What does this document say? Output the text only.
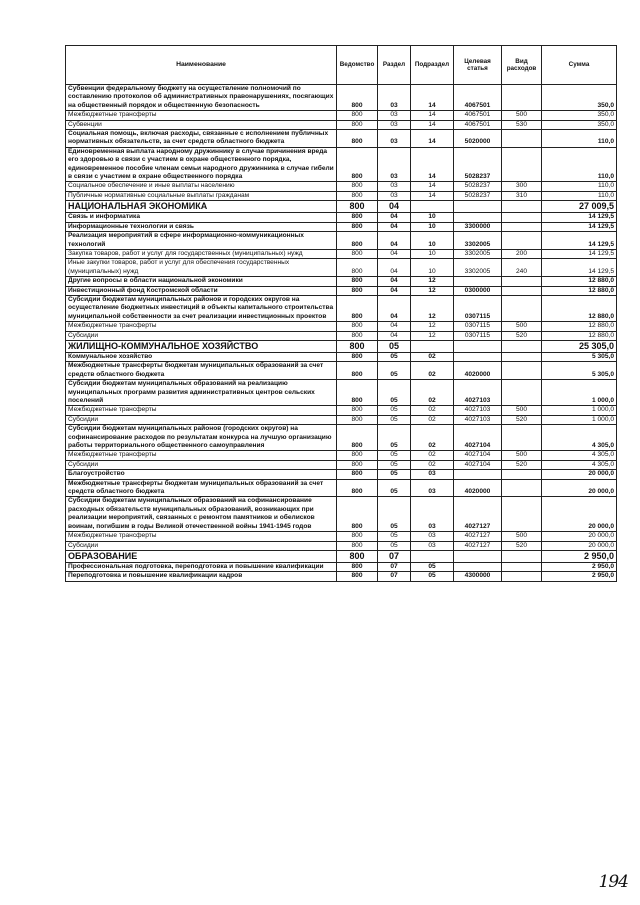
Наименование	Ведомство	Раздел	Подраздел	Целевая статья	Вид расходов	Сумма
Субвенции федеральному бюджету на осуществление полномочий по составлению протоколов об административных правонарушениях, посягающих на общественный порядок и общественную безопасность	800	03	14	4067501		350,0
Межбюджетные трансферты	800	03	14	4067501	500	350,0
Субвенции	800	03	14	4067501	530	350,0
Социальная помощь, включая расходы, связанные с исполнением публичных нормативных обязательств, за счет средств областного бюджета	800	03	14	5020000		110,0
Единовременная выплата народному дружиннику в случае причинения вреда его здоровью в связи с участием в охране общественного порядка, единовременное пособие членам семьи народного дружинника в случае гибели в связи с участием в охране общественного порядка	800	03	14	5028237		110,0
Социальное обеспечение и иные выплаты населению	800	03	14	5028237	300	110,0
Публичные нормативные социальные выплаты гражданам	800	03	14	5028237	310	110,0
НАЦИОНАЛЬНАЯ ЭКОНОМИКА	800	04				27 009,5
Связь и информатика	800	04	10			14 129,5
Информационные технологии и связь	800	04	10	3300000		14 129,5
Реализация мероприятий в сфере информационно-коммуникационных технологий	800	04	10	3302005		14 129,5
Закупка товаров, работ и услуг для государственных (муниципальных) нужд	800	04	10	3302005	200	14 129,5
Иные закупки товаров, работ и услуг для обеспечения государственных (муниципальных) нужд	800	04	10	3302005	240	14 129,5
Другие вопросы в области национальной экономики	800	04	12			12 880,0
Инвестиционный фонд Костромской области	800	04	12	0300000		12 880,0
Субсидии бюджетам муниципальных районов и городских округов на осуществление бюджетных инвестиций в объекты капитального строительства муниципальной собственности за счет реализации инвестиционных проектов	800	04	12	0307115		12 880,0
Межбюджетные трансферты	800	04	12	0307115	500	12 880,0
Субсидии	800	04	12	0307115	520	12 880,0
ЖИЛИЩНО-КОММУНАЛЬНОЕ ХОЗЯЙСТВО	800	05				25 305,0
Коммунальное хозяйство	800	05	02			5 305,0
Межбюджетные трансферты бюджетам муниципальных образований за счет средств областного бюджета	800	05	02	4020000		5 305,0
Субсидии бюджетам муниципальных образований на реализацию муниципальных программ развития административных центров сельских поселений	800	05	02	4027103		1 000,0
Межбюджетные трансферты	800	05	02	4027103	500	1 000,0
Субсидии	800	05	02	4027103	520	1 000,0
Субсидии бюджетам муниципальных районов (городских округов) на софинансирование расходов по результатам конкурса на лучшую организацию работы территориального общественного самоуправления	800	05	02	4027104		4 305,0
Межбюджетные трансферты	800	05	02	4027104	500	4 305,0
Субсидии	800	05	02	4027104	520	4 305,0
Благоустройство	800	05	03			20 000,0
Межбюджетные трансферты бюджетам муниципальных образований за счет средств областного бюджета	800	05	03	4020000		20 000,0
Субсидии бюджетам муниципальных образований на софинансирование расходных обязательств муниципальных образований, возникающих при реализации мероприятий, связанных с ремонтом памятников и обелисков воинам, погибшим в годы Великой отечественной войны 1941-1945 годов	800	05	03	4027127		20 000,0
Межбюджетные трансферты	800	05	03	4027127	500	20 000,0
Субсидии	800	05	03	4027127	520	20 000,0
ОБРАЗОВАНИЕ	800	07				2 950,0
Профессиональная подготовка, переподготовка и повышение квалификации	800	07	05			2 950,0
Переподготовка и повышение квалификации кадров	800	07	05	4300000		2 950,0
194
